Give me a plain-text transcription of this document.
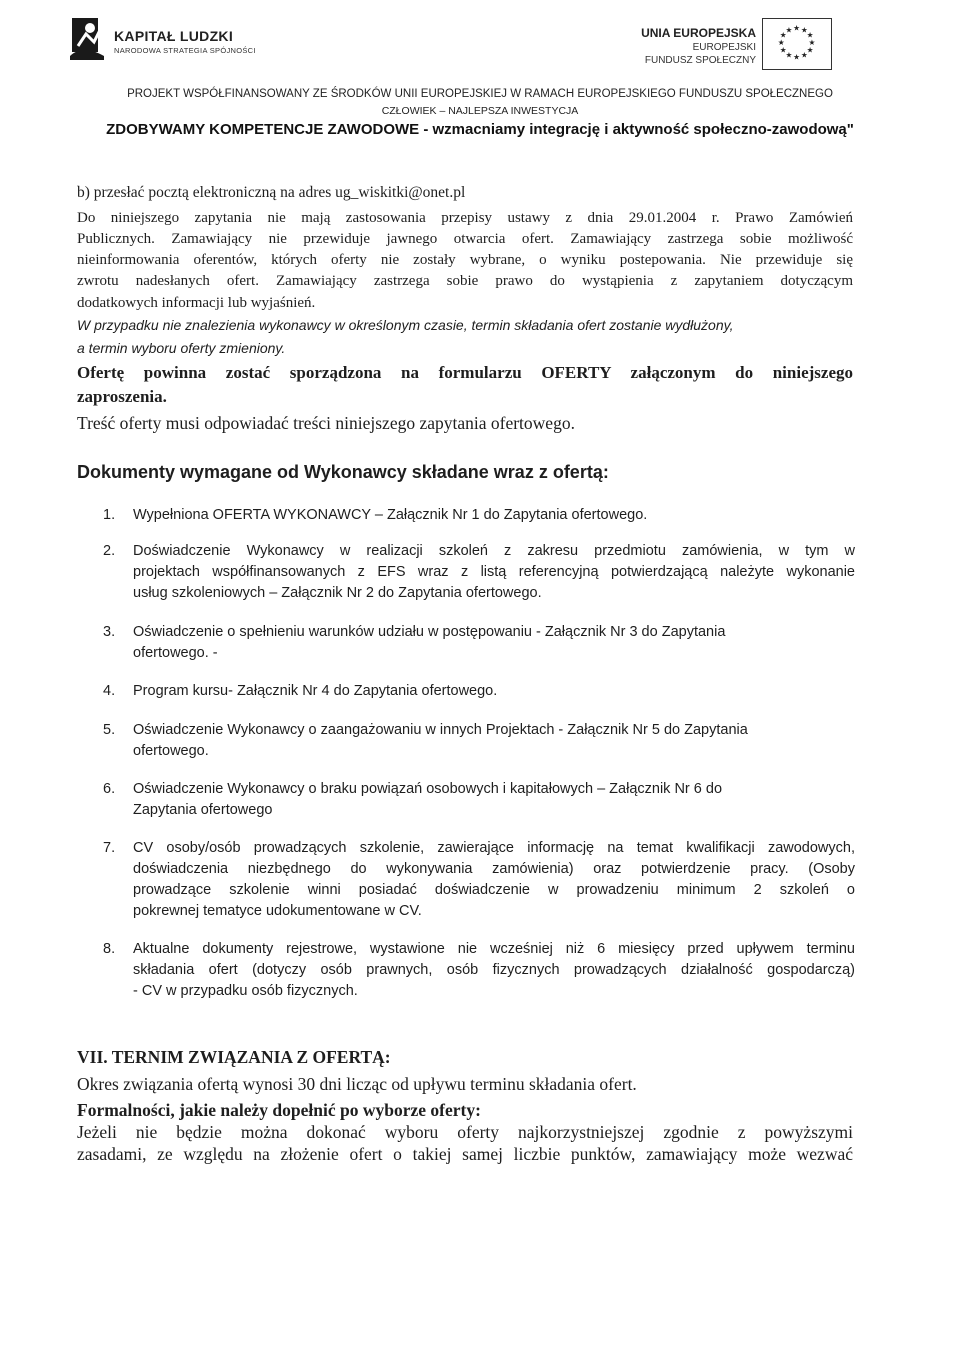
KAPITAŁ LUDZKI
NARODOWA STRATEGIA SPÓJNOŚCI
UNIA EUROPEJSKA
EUROPEJSKI
FUNDUSZ SPOŁECZNY
★ ★
★
★
★
★
★
★
★
★
★
★
PROJEKT WSPÓŁFINANSOWANY ZE ŚRODKÓW UNII EUROPEJSKIEJ W RAMACH EUROPEJSKIEGO FUNDUSZU SPOŁECZNEGO
CZŁOWIEK – NAJLEPSZA INWESTYCJA
ZDOBYWAMY KOMPETENCJE ZAWODOWE - wzmacniamy integrację i aktywność społeczno-zawodową"
b) przesłać pocztą elektroniczną na adres ug_wiskitki@onet.pl
Do niniejszego zapytania nie mają zastosowania przepisy ustawy z dnia 29.01.2004 r. Prawo Zamówień
Publicznych. Zamawiający nie przewiduje jawnego otwarcia ofert. Zamawiający zastrzega sobie możliwość
nieinformowania oferentów, których oferty nie zostały wybrane, o wyniku postepowania. Nie przewiduje się
zwrotu nadesłanych ofert. Zamawiający zastrzega sobie prawo do wystąpienia z zapytaniem dotyczącym
dodatkowych informacji lub wyjaśnień.
W przypadku nie znalezienia wykonawcy w określonym czasie, termin składania ofert zostanie wydłużony,
a termin wyboru oferty zmieniony.
Ofertę powinna zostać sporządzona na formularzu OFERTY załączonym do niniejszego
zaproszenia.
Treść oferty musi odpowiadać treści niniejszego zapytania ofertowego.
Dokumenty wymagane od Wykonawcy składane wraz z ofertą:
1. Wypełniona OFERTA WYKONAWCY – Załącznik Nr 1 do Zapytania ofertowego.
2. Doświadczenie Wykonawcy w realizacji szkoleń z zakresu przedmiotu zamówienia, w tym w
projektach współfinansowanych z EFS wraz z listą referencyjną potwierdzającą należyte wykonanie
usług szkoleniowych – Załącznik Nr 2 do Zapytania ofertowego.
3. Oświadczenie o spełnieniu warunków udziału w postępowaniu - Załącznik Nr 3 do Zapytania
ofertowego. -
4. Program kursu- Załącznik Nr 4 do Zapytania ofertowego.
5. Oświadczenie Wykonawcy o zaangażowaniu w innych Projektach - Załącznik Nr 5 do Zapytania
ofertowego.
6. Oświadczenie Wykonawcy o braku powiązań osobowych i kapitałowych – Załącznik Nr 6 do
Zapytania ofertowego
7. CV osoby/osób prowadzących szkolenie, zawierające informację na temat kwalifikacji zawodowych,
doświadczenia niezbędnego do wykonywania zamówienia) oraz potwierdzenie pracy. (Osoby
prowadzące szkolenie winni posiadać doświadczenie w prowadzeniu minimum 2 szkoleń o
pokrewnej tematyce udokumentowane w CV.
8. Aktualne dokumenty rejestrowe, wystawione nie wcześniej niż 6 miesięcy przed upływem terminu
składania ofert (dotyczy osób prawnych, osób fizycznych prowadzących działalność gospodarczą)
- CV w przypadku osób fizycznych.
VII. TERNIM ZWIĄZANIA Z OFERTĄ:
Okres związania ofertą wynosi 30 dni licząc od upływu terminu składania ofert.
Formalności, jakie należy dopełnić po wyborze oferty:
Jeżeli nie będzie można dokonać wyboru oferty najkorzystniejszej zgodnie z powyższymi
zasadami, ze względu na złożenie ofert o takiej samej liczbie punktów, zamawiający może wezwać
